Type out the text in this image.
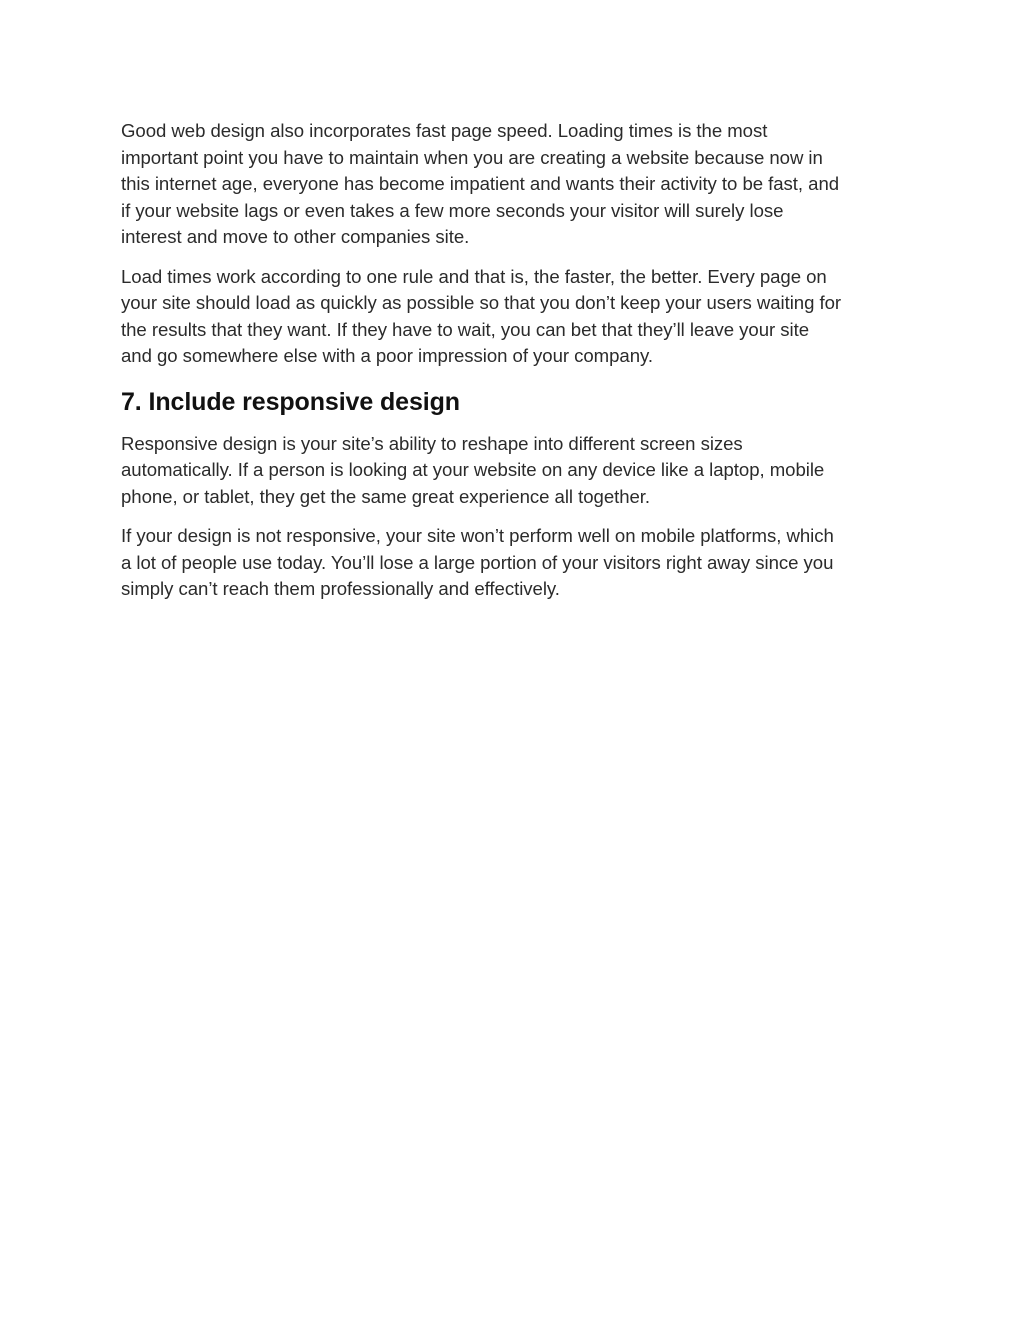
Good web design also incorporates fast page speed. Loading times is the most
important point you have to maintain when you are creating a website because now in
this internet age, everyone has become impatient and wants their activity to be fast, and
if your website lags or even takes a few more seconds your visitor will surely lose
interest and move to other companies site.

Load times work according to one rule and that is, the faster, the better. Every page on
your site should load as quickly as possible so that you don’t keep your users waiting for
the results that they want. If they have to wait, you can bet that they’ll leave your site
and go somewhere else with a poor impression of your company.

7. Include responsive design

Responsive design is your site’s ability to reshape into different screen sizes
automatically. If a person is looking at your website on any device like a laptop, mobile
phone, or tablet, they get the same great experience all together.

If your design is not responsive, your site won’t perform well on mobile platforms, which
a lot of people use today. You’ll lose a large portion of your visitors right away since you
simply can’t reach them professionally and effectively.
